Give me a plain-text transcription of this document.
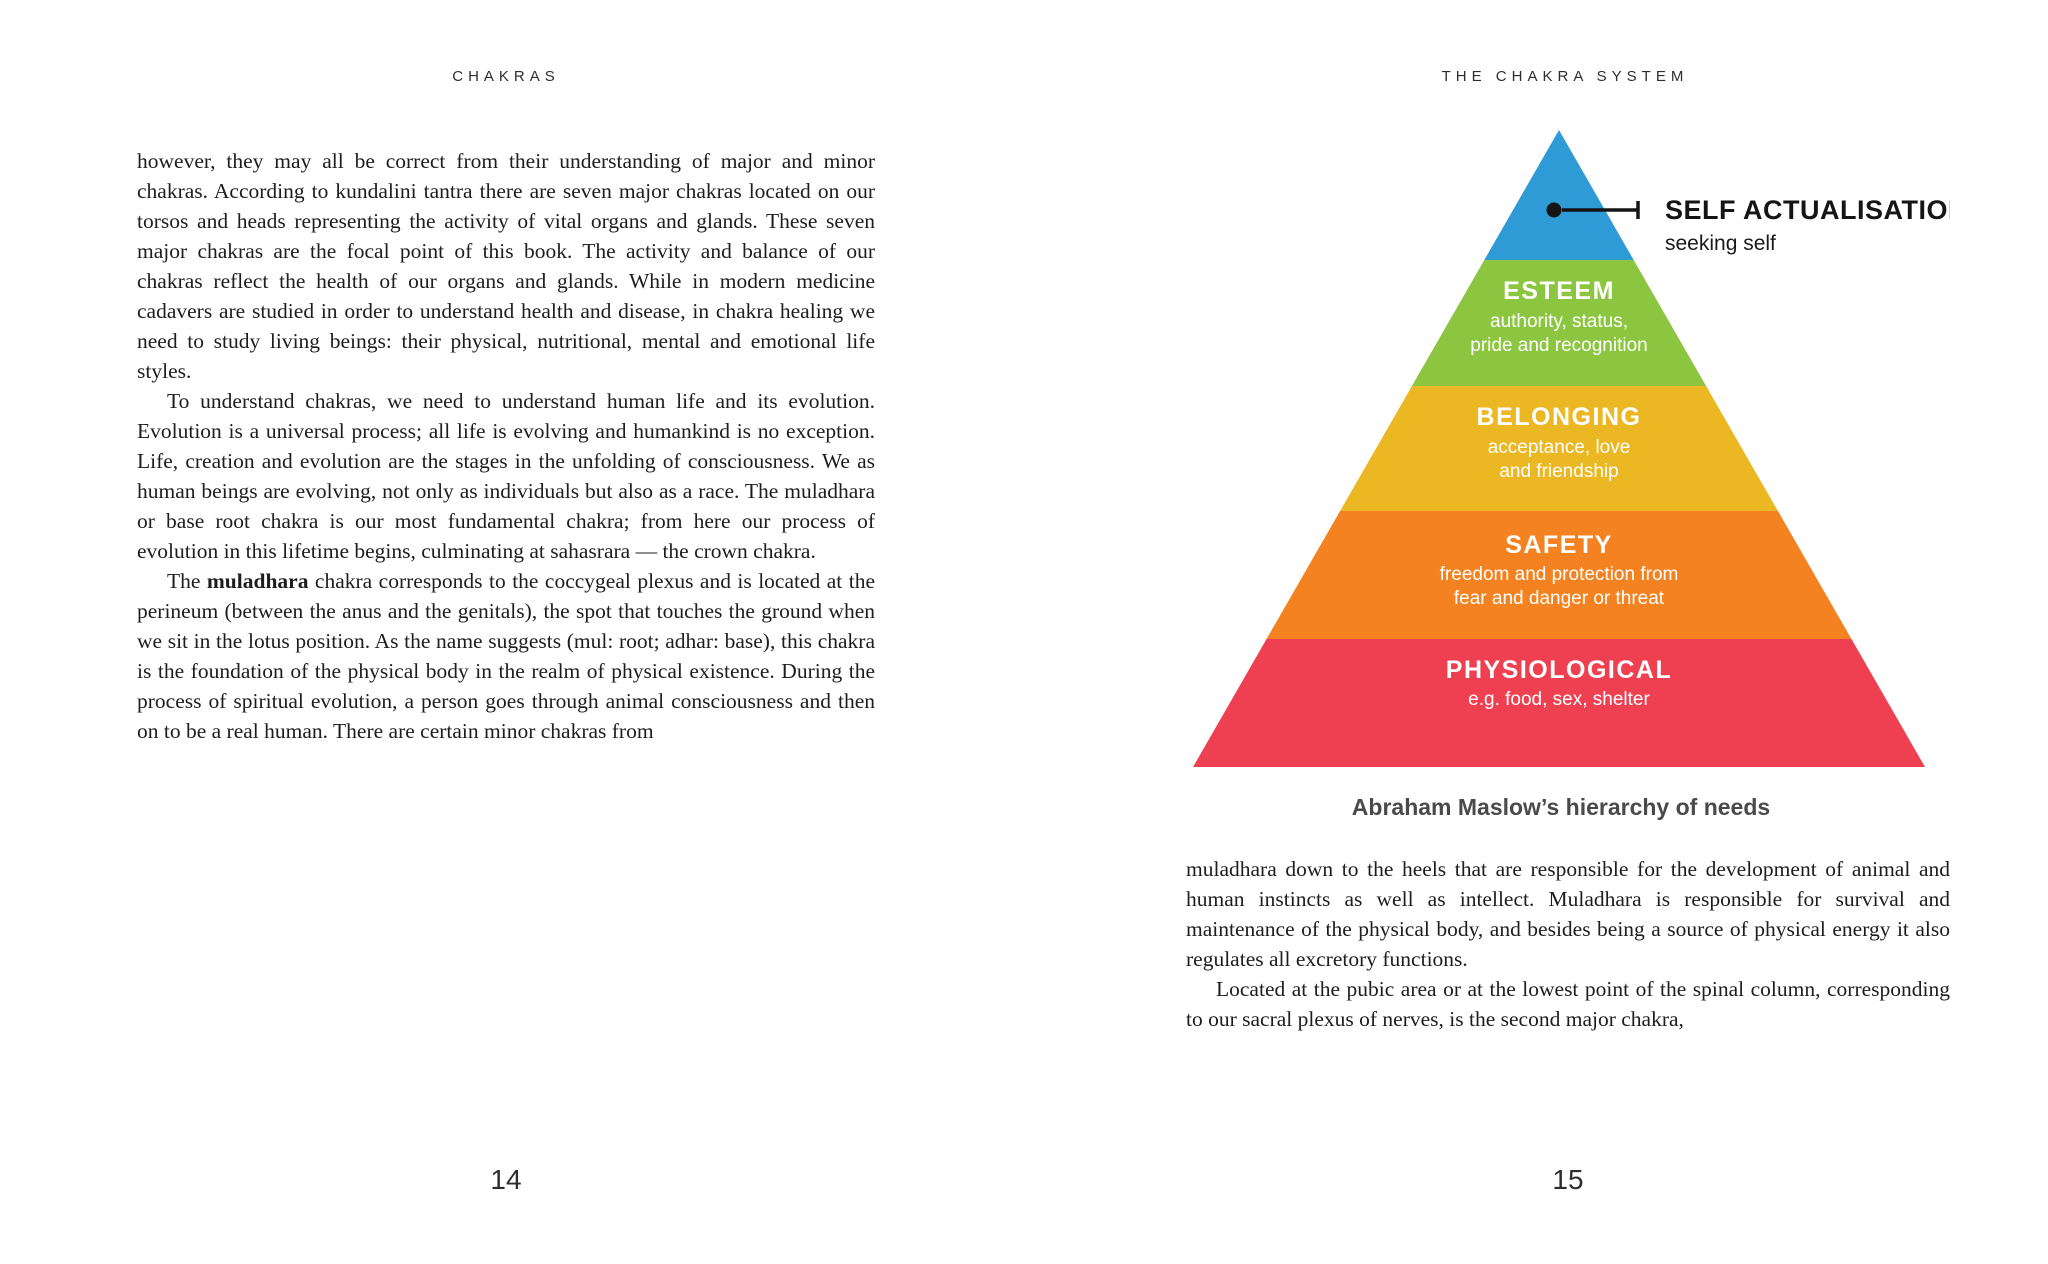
CHAKRAS

however, they may all be correct from their understanding of major and minor chakras. According to kundalini tantra there are seven major chakras located on our torsos and heads representing the activity of vital organs and glands. These seven major chakras are the focal point of this book. The activity and balance of our chakras reflect the health of our organs and glands. While in modern medicine cadavers are studied in order to understand health and disease, in chakra healing we need to study living beings: their physical, nutritional, mental and emotional life styles.

To understand chakras, we need to understand human life and its evolution. Evolution is a universal process; all life is evolving and humankind is no exception. Life, creation and evolution are the stages in the unfolding of consciousness. We as human beings are evolving, not only as individuals but also as a race. The muladhara or base root chakra is our most fundamental chakra; from here our process of evolution in this lifetime begins, culminating at sahasrara — the crown chakra.

The muladhara chakra corresponds to the coccygeal plexus and is located at the perineum (between the anus and the genitals), the spot that touches the ground when we sit in the lotus position. As the name suggests (mul: root; adhar: base), this chakra is the foundation of the physical body in the realm of physical existence. During the process of spiritual evolution, a person goes through animal consciousness and then on to be a real human. There are certain minor chakras from

14
THE CHAKRA SYSTEM
SELF ACTUALISATION
seeking self
ESTEEM
authority, status,
pride and recognition
BELONGING
acceptance, love
and friendship
SAFETY
freedom and protection from
fear and danger or threat
PHYSIOLOGICAL
e.g. food, sex, shelter
Abraham Maslow’s hierarchy of needs

muladhara down to the heels that are responsible for the development of animal and human instincts as well as intellect. Muladhara is responsible for survival and maintenance of the physical body, and besides being a source of physical energy it also regulates all excretory functions.

Located at the pubic area or at the lowest point of the spinal column, corresponding to our sacral plexus of nerves, is the second major chakra,

15
